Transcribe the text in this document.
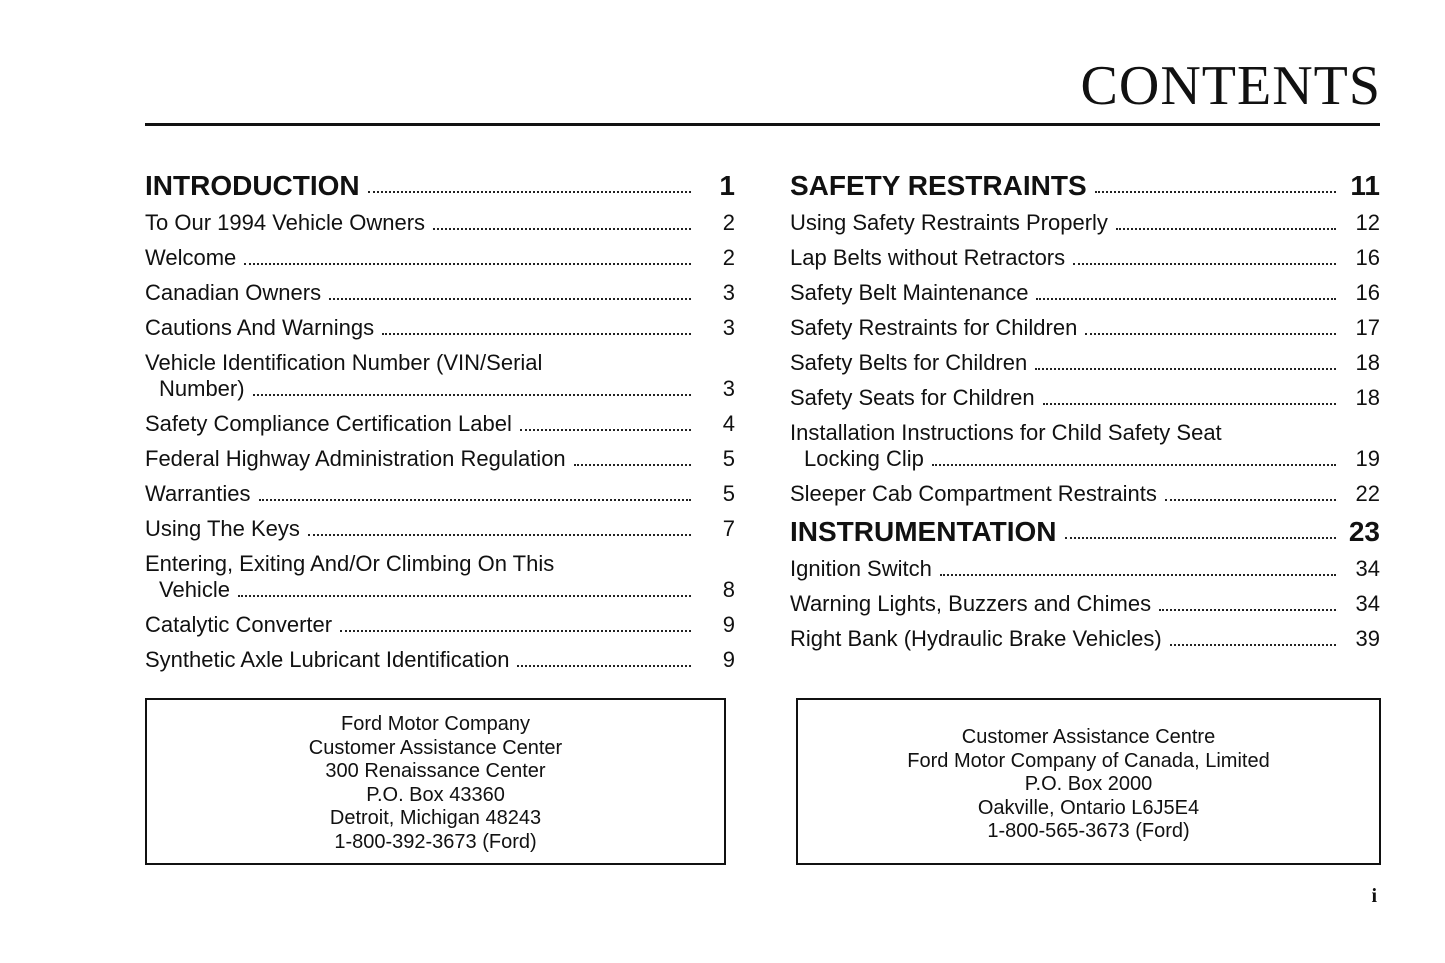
CONTENTS
INTRODUCTION	1
To Our 1994 Vehicle Owners	2
Welcome	2
Canadian Owners	3
Cautions And Warnings	3
Vehicle Identification Number (VIN/Serial
Number)	3
Safety Compliance Certification Label	4
Federal Highway Administration Regulation	5
Warranties	5
Using The Keys	7
Entering, Exiting And/Or Climbing On This
Vehicle	8
Catalytic Converter	9
Synthetic Axle Lubricant Identification	9
SAFETY RESTRAINTS	11
Using Safety Restraints Properly	12
Lap Belts without Retractors	16
Safety Belt Maintenance	16
Safety Restraints for Children	17
Safety Belts for Children	18
Safety Seats for Children	18
Installation Instructions for Child Safety Seat
Locking Clip	19
Sleeper Cab Compartment Restraints	22
INSTRUMENTATION	23
Ignition Switch	34
Warning Lights, Buzzers and Chimes	34
Right Bank (Hydraulic Brake Vehicles)	39
Ford Motor Company
Customer Assistance Center
300 Renaissance Center
P.O. Box 43360
Detroit, Michigan 48243
1-800-392-3673 (Ford)
Customer Assistance Centre
Ford Motor Company of Canada, Limited
P.O. Box 2000
Oakville, Ontario L6J5E4
1-800-565-3673 (Ford)
i
